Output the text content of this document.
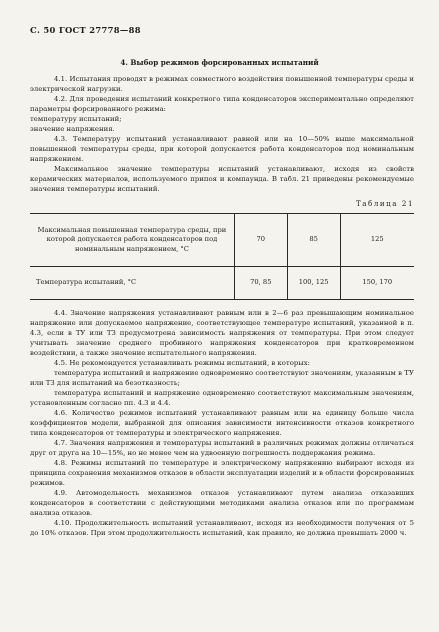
С. 50 ГОСТ 27778—88
4. Выбор режимов форсированных испытаний

4.1. Испытания проводят в режимах совместного воздействия повышенной температуры среды и электрической нагрузки.

4.2. Для проведения испытаний конкретного типа конденсаторов экспериментально определяют параметры форсированного режима:

температуру испытаний;

значение напряжения.

4.3. Температуру испытаний устанавливают равной или на 10—50% выше максимальной повышенной температуры среды, при которой допускается работа конденсаторов под номинальным напряжением.

Максимальное значение температуры испытаний устанавливают, исходя из свойств керамических материалов, используемого припоя и компаунда. В табл. 21 приведены рекомендуемые значения температуры испытаний.

Таблица 21
Максимальная повышенная температура среды, при которой допускается работа конденсаторов под номинальным напряжением, °С	70	85	125
Температура испытаний, °С	70, 85	100, 125	150, 170

4.4. Значение напряжения устанавливают равным или в 2—6 раз превышающим номинальное напряжение или допускаемое напряжение, соответствующее температуре испытаний, указанной в п. 4.3, если в ТУ или ТЗ предусмотрена зависимость напряжения от температуры. При этом следует учитывать значение среднего пробивного напряжения конденсаторов при кратковременном воздействии, а также значение испытательного напряжения.

4.5. Не рекомендуется устанавливать режимы испытаний, в которых:

температура испытаний и напряжение одновременно соответствуют значениям, указанным в ТУ или ТЗ для испытаний на безотказность;

температура испытаний и напряжение одновременно соответствуют максимальным значениям, установленным согласно пп. 4.3 и 4.4.

4.6. Количество режимов испытаний устанавливают равным или на единицу больше числа коэффициентов модели, выбранной для описания зависимости интенсивности отказов конкретного типа конденсаторов от температуры и электрического напряжения.

4.7. Значения напряжения и температуры испытаний в различных режимах должны отличаться друг от друга на 10—15%, но не менее чем на удвоенную погрешность поддержания режима.

4.8. Режимы испытаний по температуре и электрическому напряжению выбирают исходя из принципа сохранения механизмов отказов в области эксплуатации изделий и в области форсированных режимов.

4.9. Автомодельность механизмов отказов устанавливают путем анализа отказавших конденсаторов в соответствии с действующими методиками анализа отказов или по программам анализа отказов.

4.10. Продолжительность испытаний устанавливают, исходя из необходимости получения от 5 до 10% отказов. При этом продолжительность испытаний, как правило, не должна превышать 2000 ч.
